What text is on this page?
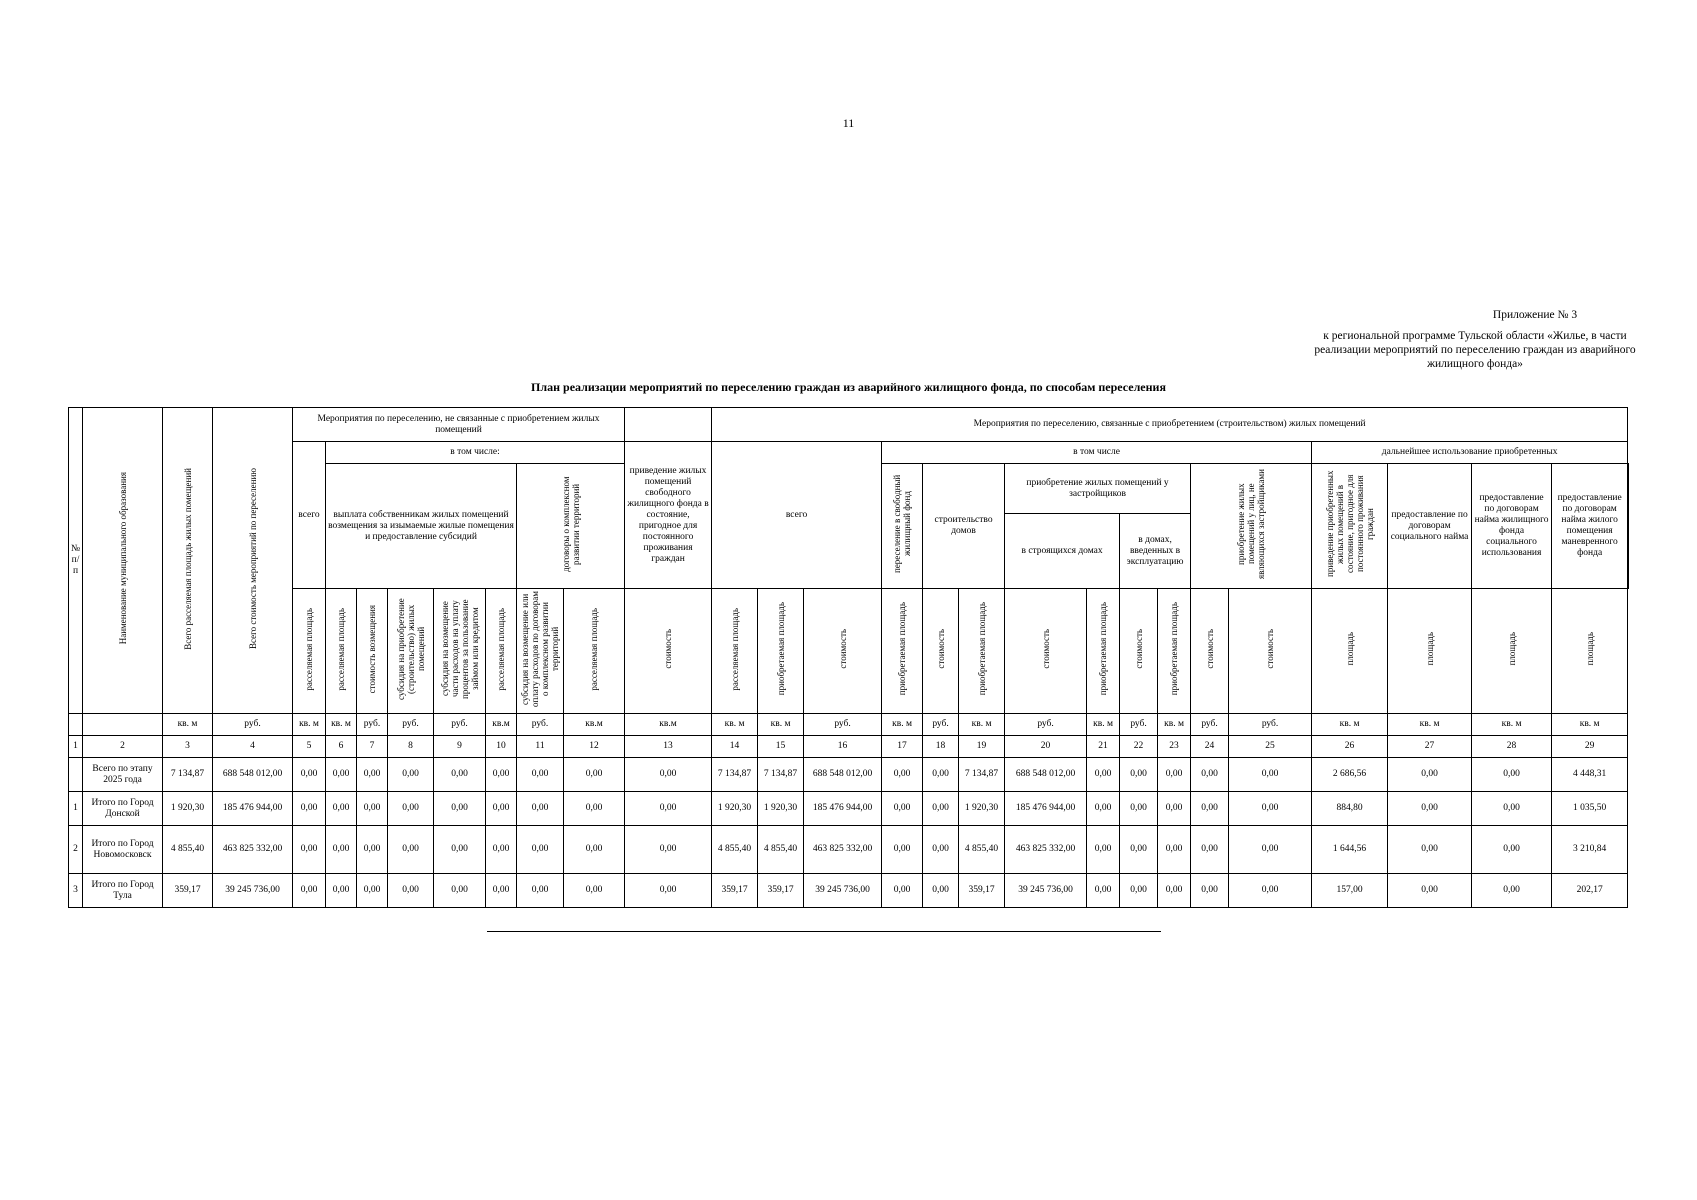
11
Приложение № 3
к региональной программе Тульской области «Жилье, в части реализации мероприятий по переселению граждан из аварийного жилищного фонда»
План реализации мероприятий по переселению граждан из аварийного жилищного фонда, по способам переселения
№ п/п	Наименование муниципального образования	Всего расселяемая площадь жилых помещений	Всего стоимость мероприятий по переселению	Мероприятия по переселению, не связанные с приобретением жилых помещений									Мероприятия по переселению, связанные с приобретением (строительством) жилых помещений																
				всего	в том числе:							приведение жилых помещений свободного жилищного фонда в состояние, пригодное для постоянного проживания граждан	всего			в том числе									дальнейшее использование приобретенных				
					выплата собственникам жилых помещений возмещения за изымаемые жилые помещения и предоставление субсидий					договоры о комплексном развитии территорий						переселение в свободный жилищный фонд	строительство домов		приобретение жилых помещений у застройщиков				приобретение жилых помещений у лиц, не являющихся застройщиками		приведение приобретенных жилых помещений в состояние, пригодное для постоянного проживания граждан	предоставление по договорам социального найма	предоставление по договорам найма жилищного фонда социального использования	предоставление по договорам найма жилого помещения маневренного фонда	
																			в строящихся домах		в домах, введенных в эксплуатацию								
				расселяемая площадь	расселяемая площадь	стоимость возмещения	субсидия на приобретение (строительство) жилых помещений	субсидия на возмещение части расходов на уплату процентов за пользование займом или кредитом	расселяемая площадь	субсидия на возмещение или оплату расходов по договорам о комплексном развитии территорий	расселяемая площадь	стоимость	расселяемая площадь	приобретаемая площадь	стоимость	приобретаемая площадь	стоимость	приобретаемая площадь	стоимость	приобретаемая площадь	стоимость	приобретаемая площадь	стоимость	стоимость	площадь	площадь	площадь	площадь	
		кв. м	руб.	кв. м	кв. м	руб.	руб.	руб.	кв.м	руб.	кв.м	кв.м	кв. м	кв. м	руб.	кв. м	руб.	кв. м	руб.	кв. м	руб.	кв. м	руб.	руб.	кв. м	кв. м	кв. м	кв. м	
1	2	3	4	5	6	7	8	9	10	11	12	13	14	15	16	17	18	19	20	21	22	23	24	25	26	27	28	29	
	Всего по этапу 2025 года	7 134,87	688 548 012,00	0,00	0,00	0,00	0,00	0,00	0,00	0,00	0,00	0,00	7 134,87	7 134,87	688 548 012,00	0,00	0,00	7 134,87	688 548 012,00	0,00	0,00	0,00	0,00	0,00	2 686,56	0,00	0,00	4 448,31	
1	Итого по Город Донской	1 920,30	185 476 944,00	0,00	0,00	0,00	0,00	0,00	0,00	0,00	0,00	0,00	1 920,30	1 920,30	185 476 944,00	0,00	0,00	1 920,30	185 476 944,00	0,00	0,00	0,00	0,00	0,00	884,80	0,00	0,00	1 035,50	
2	Итого по Город Новомосковск	4 855,40	463 825 332,00	0,00	0,00	0,00	0,00	0,00	0,00	0,00	0,00	0,00	4 855,40	4 855,40	463 825 332,00	0,00	0,00	4 855,40	463 825 332,00	0,00	0,00	0,00	0,00	0,00	1 644,56	0,00	0,00	3 210,84	
3	Итого по Город Тула	359,17	39 245 736,00	0,00	0,00	0,00	0,00	0,00	0,00	0,00	0,00	0,00	359,17	359,17	39 245 736,00	0,00	0,00	359,17	39 245 736,00	0,00	0,00	0,00	0,00	0,00	157,00	0,00	0,00	202,17	
